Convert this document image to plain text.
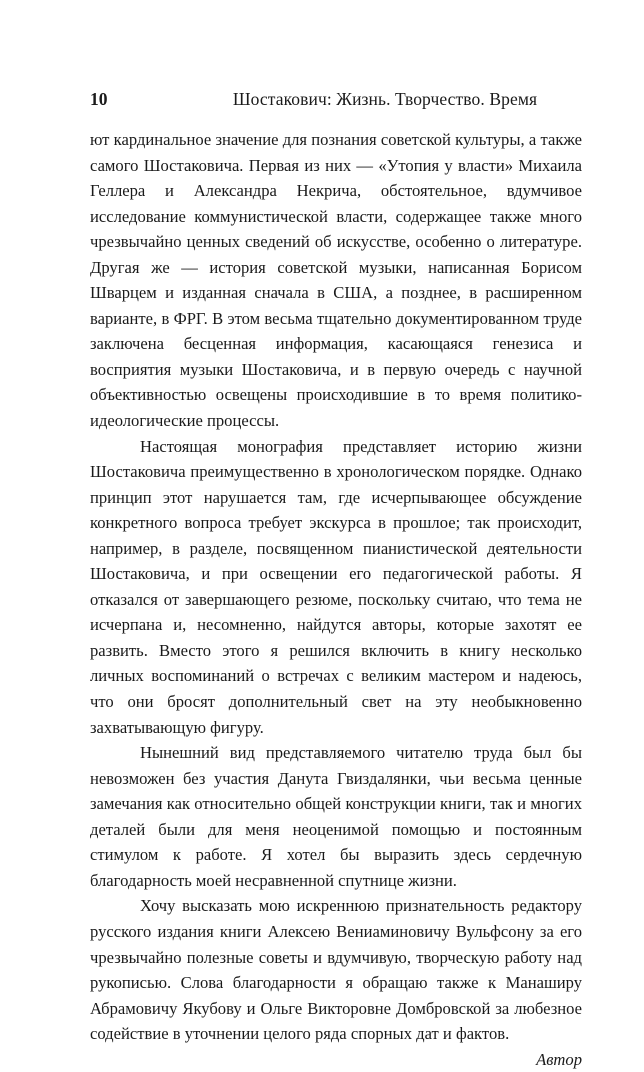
10	Шостакович: Жизнь. Творчество. Время

ют кардинальное значение для познания советской культуры, а также самого Шостаковича. Первая из них — «Утопия у власти» Михаила Геллера и Александра Некрича, обстоятельное, вдумчивое исследование коммунистической власти, содержащее также много чрезвычайно ценных сведений об искусстве, особенно о литературе. Другая же — история советской музыки, написанная Борисом Шварцем и изданная сначала в США, а позднее, в расширенном варианте, в ФРГ. В этом весьма тщательно документированном труде заключена бесценная информация, касающаяся генезиса и восприятия музыки Шостаковича, и в первую очередь с научной объективностью освещены происходившие в то время политико-идеологические процессы.

Настоящая монография представляет историю жизни Шостаковича преимущественно в хронологическом порядке. Однако принцип этот нарушается там, где исчерпывающее обсуждение конкретного вопроса требует экскурса в прошлое; так происходит, например, в разделе, посвященном пианистической деятельности Шостаковича, и при освещении его педагогической работы. Я отказался от завершающего резюме, поскольку считаю, что тема не исчерпана и, несомненно, найдутся авторы, которые захотят ее развить. Вместо этого я решился включить в книгу несколько личных воспоминаний о встречах с великим мастером и надеюсь, что они бросят дополнительный свет на эту необыкновенно захватывающую фигуру.

Нынешний вид представляемого читателю труда был бы невозможен без участия Данута Гвиздалянки, чьи весьма ценные замечания как относительно общей конструкции книги, так и многих деталей были для меня неоценимой помощью и постоянным стимулом к работе. Я хотел бы выразить здесь сердечную благодарность моей несравненной спутнице жизни.

Хочу высказать мою искреннюю признательность редактору русского издания книги Алексею Вениаминовичу Вульфсону за его чрезвычайно полезные советы и вдумчивую, творческую работу над рукописью. Слова благодарности я обращаю также к Манаширу Абрамовичу Якубову и Ольге Викторовне Домбровской за любезное содействие в уточнении целого ряда спорных дат и фактов.

Автор
